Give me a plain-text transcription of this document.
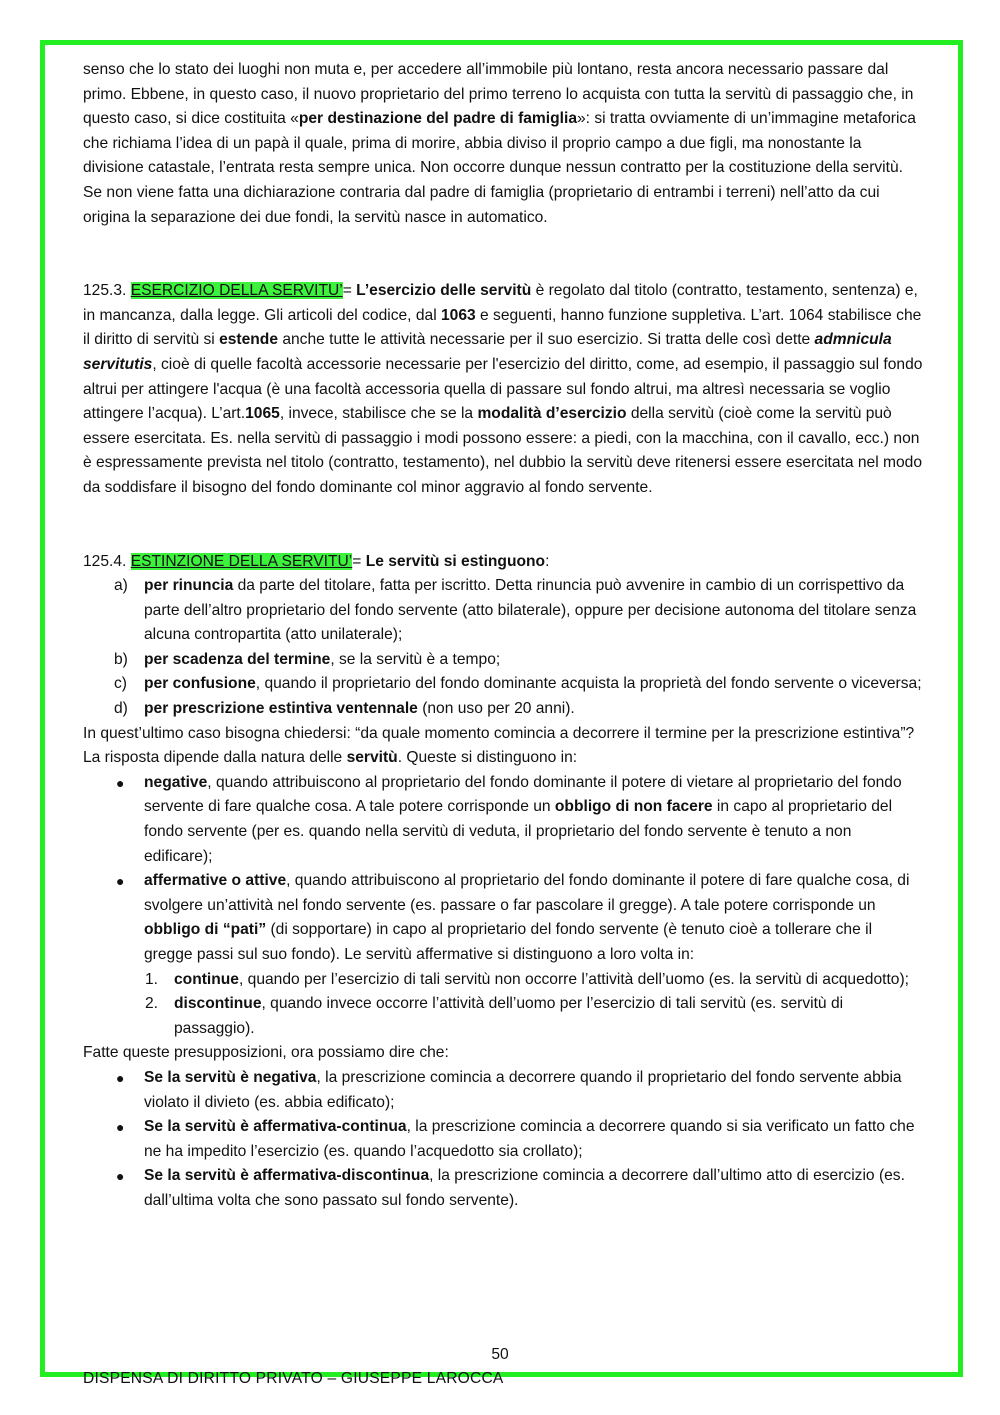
senso che lo stato dei luoghi non muta e, per accedere all’immobile più lontano, resta ancora necessario passare dal primo. Ebbene, in questo caso, il nuovo proprietario del primo terreno lo acquista con tutta la servitù di passaggio che, in questo caso, si dice costituita «per destinazione del padre di famiglia»: si tratta ovviamente di un’immagine metaforica che richiama l’idea di un papà il quale, prima di morire, abbia diviso il proprio campo a due figli, ma nonostante la divisione catastale, l’entrata resta sempre unica. Non occorre dunque nessun contratto per la costituzione della servitù. Se non viene fatta una dichiarazione contraria dal padre di famiglia (proprietario di entrambi i terreni) nell’atto da cui origina la separazione dei due fondi, la servitù nasce in automatico.

125.3. ESERCIZIO DELLA SERVITU’= L’esercizio delle servitù è regolato dal titolo (contratto, testamento, sentenza) e, in mancanza, dalla legge. Gli articoli del codice, dal 1063 e seguenti, hanno funzione suppletiva. L’art. 1064 stabilisce che il diritto di servitù si estende anche tutte le attività necessarie per il suo esercizio. Si tratta delle così dette admnicula servitutis, cioè di quelle facoltà accessorie necessarie per l'esercizio del diritto, come, ad esempio, il passaggio sul fondo altrui per attingere l'acqua (è una facoltà accessoria quella di passare sul fondo altrui, ma altresì necessaria se voglio attingere l’acqua). L’art.1065, invece, stabilisce che se la modalità d’esercizio della servitù (cioè come la servitù può essere esercitata. Es. nella servitù di passaggio i modi possono essere: a piedi, con la macchina, con il cavallo, ecc.) non è espressamente prevista nel titolo (contratto, testamento), nel dubbio la servitù deve ritenersi essere esercitata nel modo da soddisfare il bisogno del fondo dominante col minor aggravio al fondo servente.

125.4. ESTINZIONE DELLA SERVITU’= Le servitù si estinguono:

a) per rinuncia da parte del titolare, fatta per iscritto. Detta rinuncia può avvenire in cambio di un corrispettivo da parte dell’altro proprietario del fondo servente (atto bilaterale), oppure per decisione autonoma del titolare senza alcuna contropartita (atto unilaterale);
b) per scadenza del termine, se la servitù è a tempo;
c) per confusione, quando il proprietario del fondo dominante acquista la proprietà del fondo servente o viceversa;
d) per prescrizione estintiva ventennale (non uso per 20 anni).

In quest’ultimo caso bisogna chiedersi: “da quale momento comincia a decorrere il termine per la prescrizione estintiva”? La risposta dipende dalla natura delle servitù. Queste si distinguono in:

● negative, quando attribuiscono al proprietario del fondo dominante il potere di vietare al proprietario del fondo servente di fare qualche cosa. A tale potere corrisponde un obbligo di non facere in capo al proprietario del fondo servente (per es. quando nella servitù di veduta, il proprietario del fondo servente è tenuto a non edificare);
● affermative o attive, quando attribuiscono al proprietario del fondo dominante il potere di fare qualche cosa, di svolgere un’attività nel fondo servente (es. passare o far pascolare il gregge). A tale potere corrisponde un obbligo di “pati” (di sopportare) in capo al proprietario del fondo servente (è tenuto cioè a tollerare che il gregge passi sul suo fondo). Le servitù affermative si distinguono a loro volta in:
1. continue, quando per l’esercizio di tali servitù non occorre l’attività dell’uomo (es. la servitù di acquedotto);
2. discontinue, quando invece occorre l’attività dell’uomo per l’esercizio di tali servitù (es. servitù di passaggio).

Fatte queste presupposizioni, ora possiamo dire che:

● Se la servitù è negativa, la prescrizione comincia a decorrere quando il proprietario del fondo servente abbia violato il divieto (es. abbia edificato);
● Se la servitù è affermativa-continua, la prescrizione comincia a decorrere quando si sia verificato un fatto che ne ha impedito l’esercizio (es. quando l’acquedotto sia crollato);
● Se la servitù è affermativa-discontinua, la prescrizione comincia a decorrere dall’ultimo atto di esercizio (es. dall’ultima volta che sono passato sul fondo servente).
50
DISPENSA DI DIRITTO PRIVATO – GIUSEPPE LAROCCA
